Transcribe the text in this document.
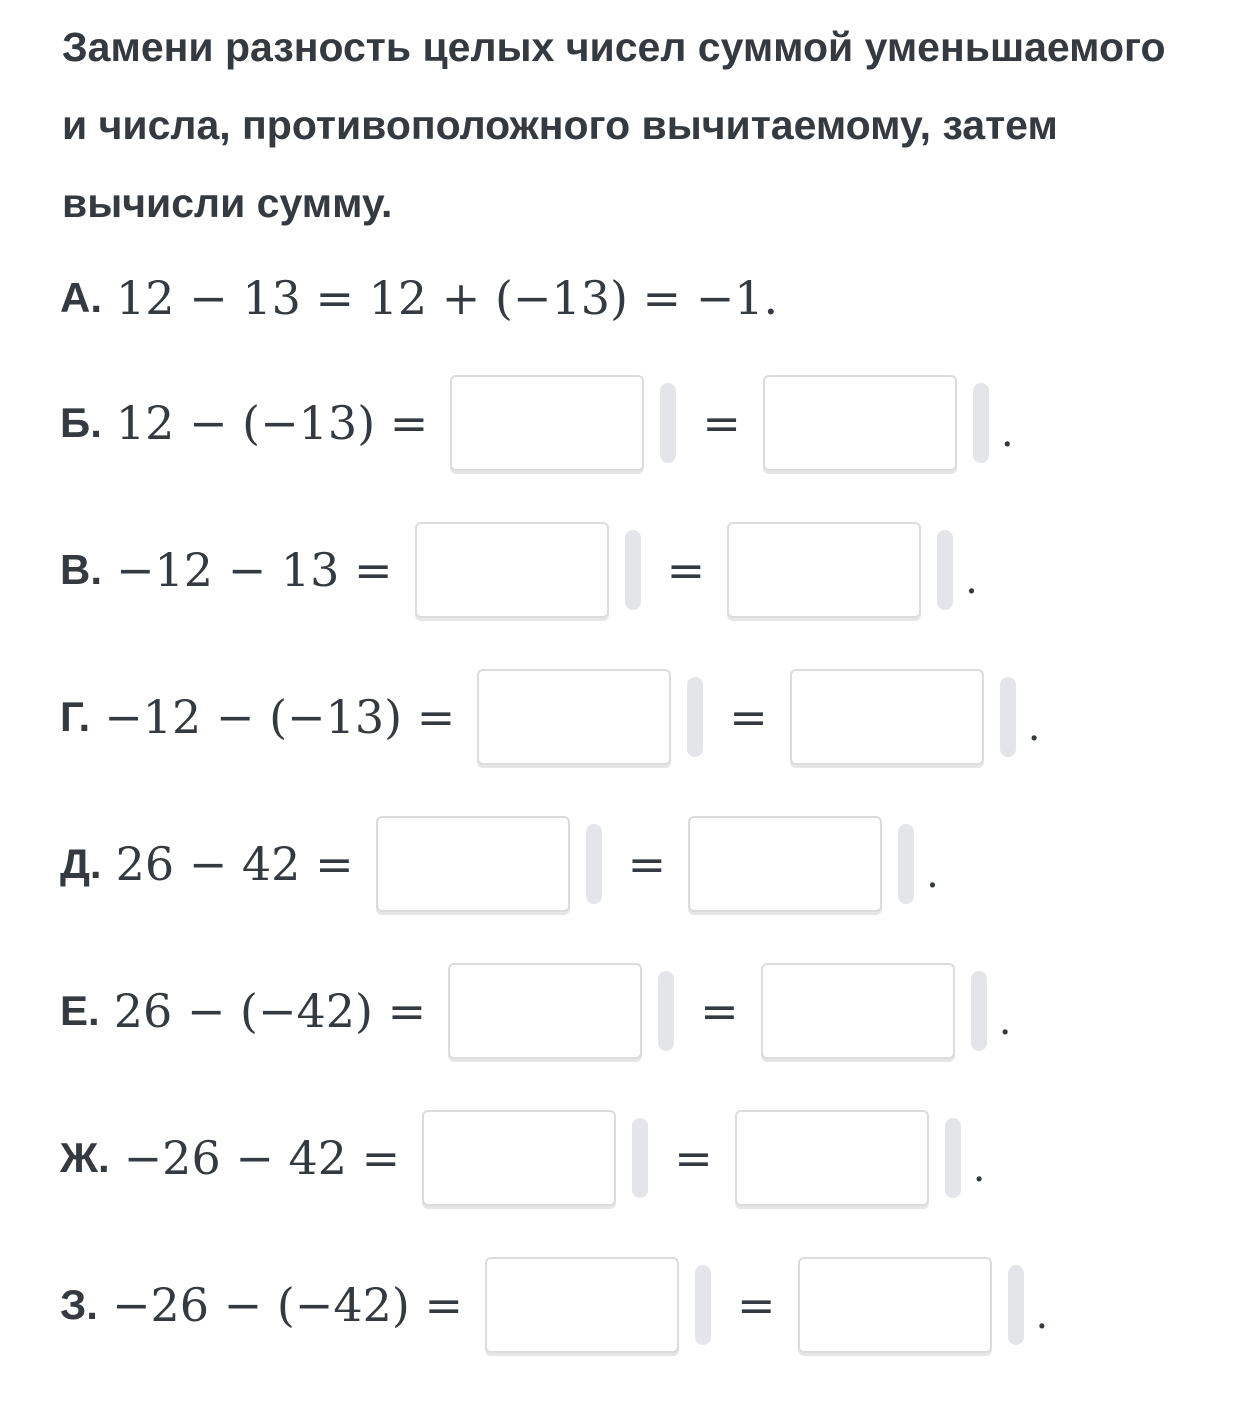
Замени разность целых чисел суммой уменьшаемого и числа, противоположного вычитаемому, затем вычисли сумму.

А. 12 − 13 = 12 + (−13) = −1.
Б. 12 − (−13) =	=	.
В. −12 − 13 =	=	.
Г. −12 − (−13) =	=	.
Д. 26 − 42 =	=	.
Е. 26 − (−42) =	=	.
Ж. −26 − 42 =	=	.
З. −26 − (−42) =	=	.
